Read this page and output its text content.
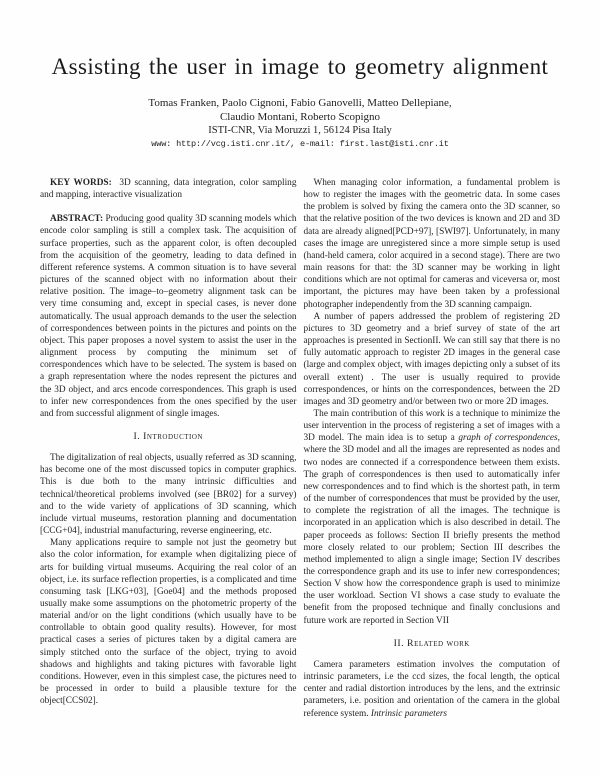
Assisting the user in image to geometry alignment
Tomas Franken, Paolo Cignoni, Fabio Ganovelli, Matteo Dellepiane,
Claudio Montani, Roberto Scopigno
ISTI-CNR, Via Moruzzi 1, 56124 Pisa Italy
www: http://vcg.isti.cnr.it/, e-mail: first.last@isti.cnr.it

KEY WORDS: 3D scanning, data integration, color sampling and mapping, interactive visualization

ABSTRACT: Producing good quality 3D scanning models which encode color sampling is still a complex task. The acquisition of surface properties, such as the apparent color, is often decoupled from the acquisition of the geometry, leading to data defined in different reference systems. A common situation is to have several pictures of the scanned object with no information about their relative position. The image–to–geometry alignment task can be very time consuming and, except in special cases, is never done automatically. The usual approach demands to the user the selection of correspondences between points in the pictures and points on the object. This paper proposes a novel system to assist the user in the alignment process by computing the minimum set of correspondences which have to be selected. The system is based on a graph representation where the nodes represent the pictures and the 3D object, and arcs encode correspondences. This graph is used to infer new correspondences from the ones specified by the user and from successful alignment of single images.

I. Introduction

The digitalization of real objects, usually referred as 3D scanning, has become one of the most discussed topics in computer graphics. This is due both to the many intrinsic difficulties and technical/theoretical problems involved (see [BR02] for a survey) and to the wide variety of applications of 3D scanning, which include virtual museums, restoration planning and documentation [CCG+04], industrial manufacturing, reverse engineering, etc.

Many applications require to sample not just the geometry but also the color information, for example when digitalizing piece of arts for building virtual museums. Acquiring the real color of an object, i.e. its surface reflection properties, is a complicated and time consuming task [LKG+03], [Goe04] and the methods proposed usually make some assumptions on the photometric property of the material and/or on the light conditions (which usually have to be controllable to obtain good quality results). However, for most practical cases a series of pictures taken by a digital camera are simply stitched onto the surface of the object, trying to avoid shadows and highlights and taking pictures with favorable light conditions. However, even in this simplest case, the pictures need to be processed in order to build a plausible texture for the object[CCS02].

When managing color information, a fundamental problem is how to register the images with the geometric data. In some cases the problem is solved by fixing the camera onto the 3D scanner, so that the relative position of the two devices is known and 2D and 3D data are already aligned[PCD+97], [SWI97]. Unfortunately, in many cases the image are unregistered since a more simple setup is used (hand-held camera, color acquired in a second stage). There are two main reasons for that: the 3D scanner may be working in light conditions which are not optimal for cameras and viceversa or, most important, the pictures may have been taken by a professional photographer independently from the 3D scanning campaign.

A number of papers addressed the problem of registering 2D pictures to 3D geometry and a brief survey of state of the art approaches is presented in SectionII. We can still say that there is no fully automatic approach to register 2D images in the general case (large and complex object, with images depicting only a subset of its overall extent) . The user is usually required to provide correspondences, or hints on the correspondences, between the 2D images and 3D geometry and/or between two or more 2D images.

The main contribution of this work is a technique to minimize the user intervention in the process of registering a set of images with a 3D model. The main idea is to setup a graph of correspondences, where the 3D model and all the images are represented as nodes and two nodes are connected if a correspondence between them exists. The graph of correspondences is then used to automatically infer new correspondences and to find which is the shortest path, in term of the number of correspondences that must be provided by the user, to complete the registration of all the images. The technique is incorporated in an application which is also described in detail. The paper proceeds as follows: Section II briefly presents the method more closely related to our problem; Section III describes the method implemented to align a single image; Section IV describes the correspondence graph and its use to infer new correspondences; Section V show how the correspondence graph is used to minimize the user workload. Section VI shows a case study to evaluate the benefit from the proposed technique and finally conclusions and future work are reported in Section VII

II. Related work

Camera parameters estimation involves the computation of intrinsic parameters, i.e the ccd sizes, the focal length, the optical center and radial distortion introduces by the lens, and the extrinsic parameters, i.e. position and orientation of the camera in the global reference system. Intrinsic parameters
